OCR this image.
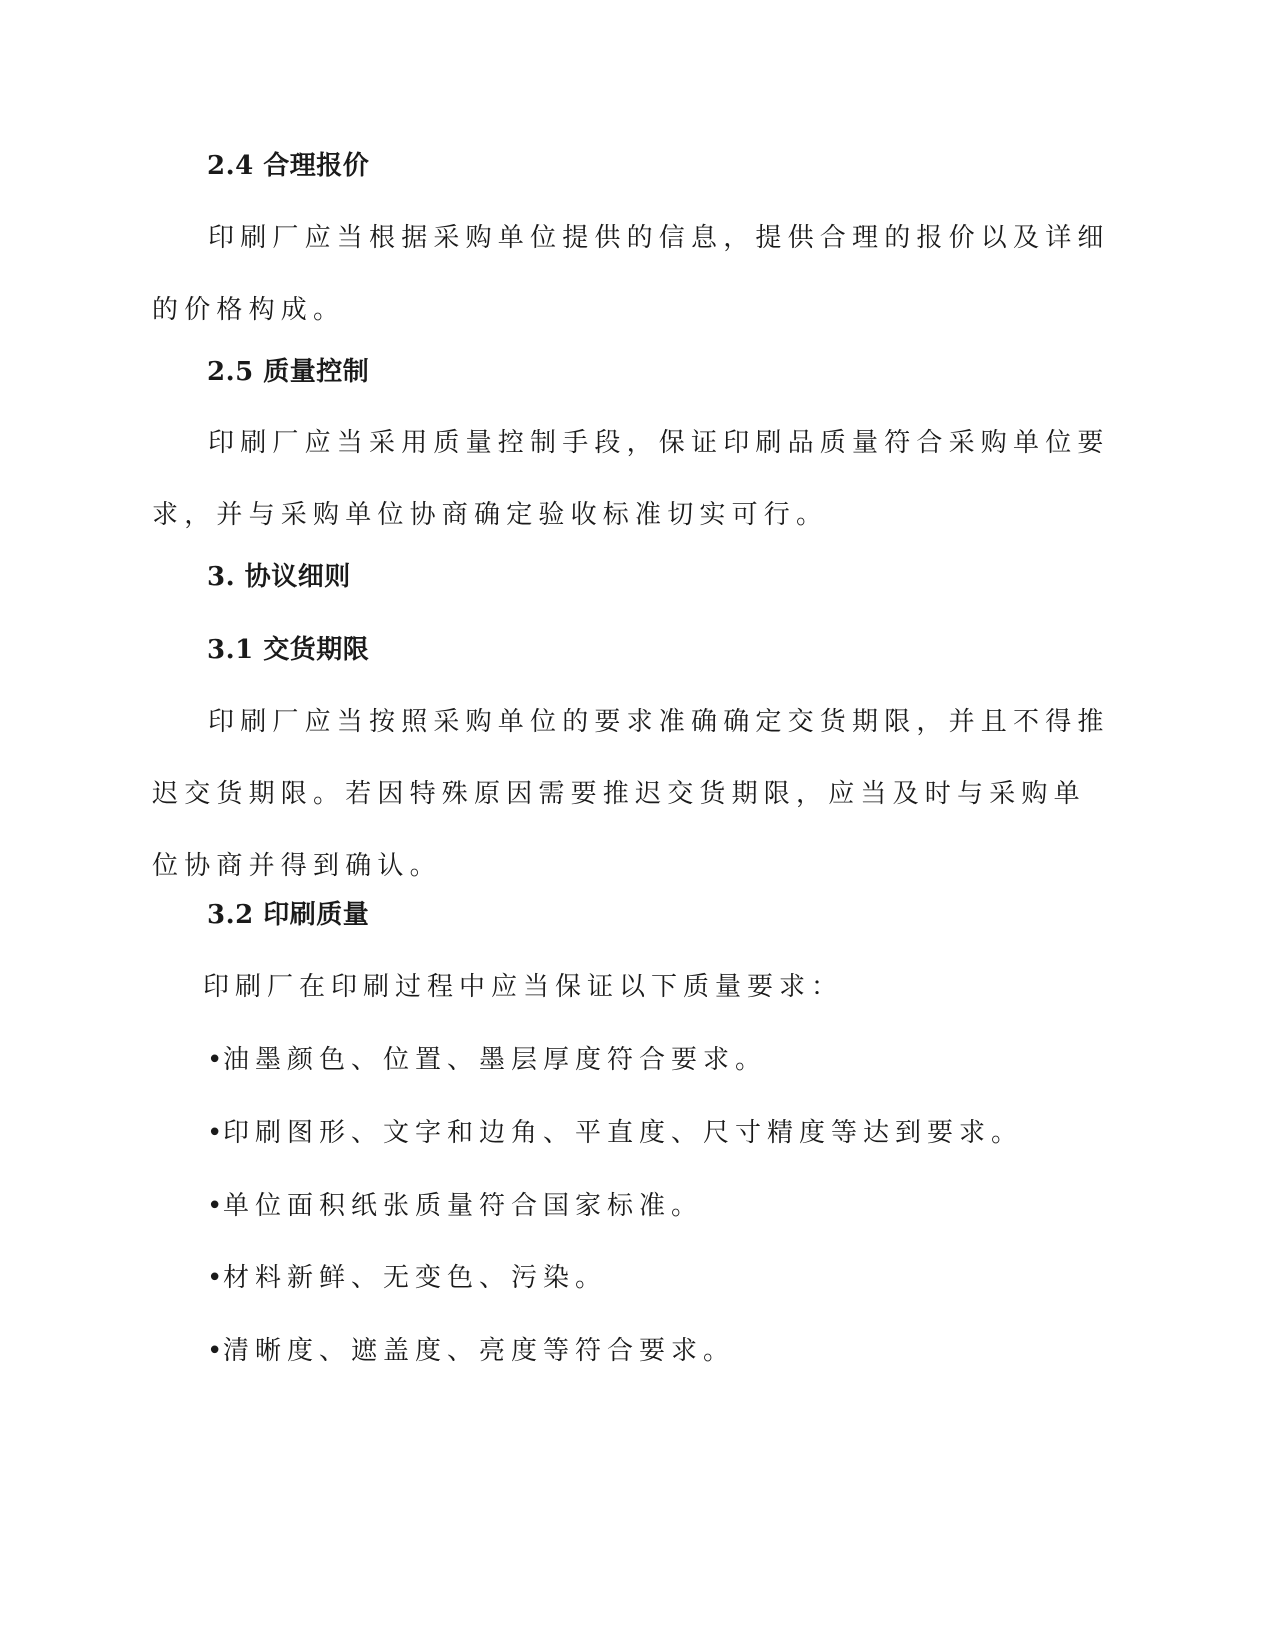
2.4 合理报价

印刷厂应当根据采购单位提供的信息，提供合理的报价以及详细的价格构成。

2.5 质量控制

印刷厂应当采用质量控制手段，保证印刷品质量符合采购单位要求，并与采购单位协商确定验收标准切实可行。

3. 协议细则
3.1 交货期限

印刷厂应当按照采购单位的要求准确确定交货期限，并且不得推迟交货期限。若因特殊原因需要推迟交货期限，应当及时与采购单位协商并得到确认。

3.2 印刷质量
印刷厂在印刷过程中应当保证以下质量要求：
•油墨颜色、位置、墨层厚度符合要求。
•印刷图形、文字和边角、平直度、尺寸精度等达到要求。
•单位面积纸张质量符合国家标准。
•材料新鲜、无变色、污染。
•清晰度、遮盖度、亮度等符合要求。
